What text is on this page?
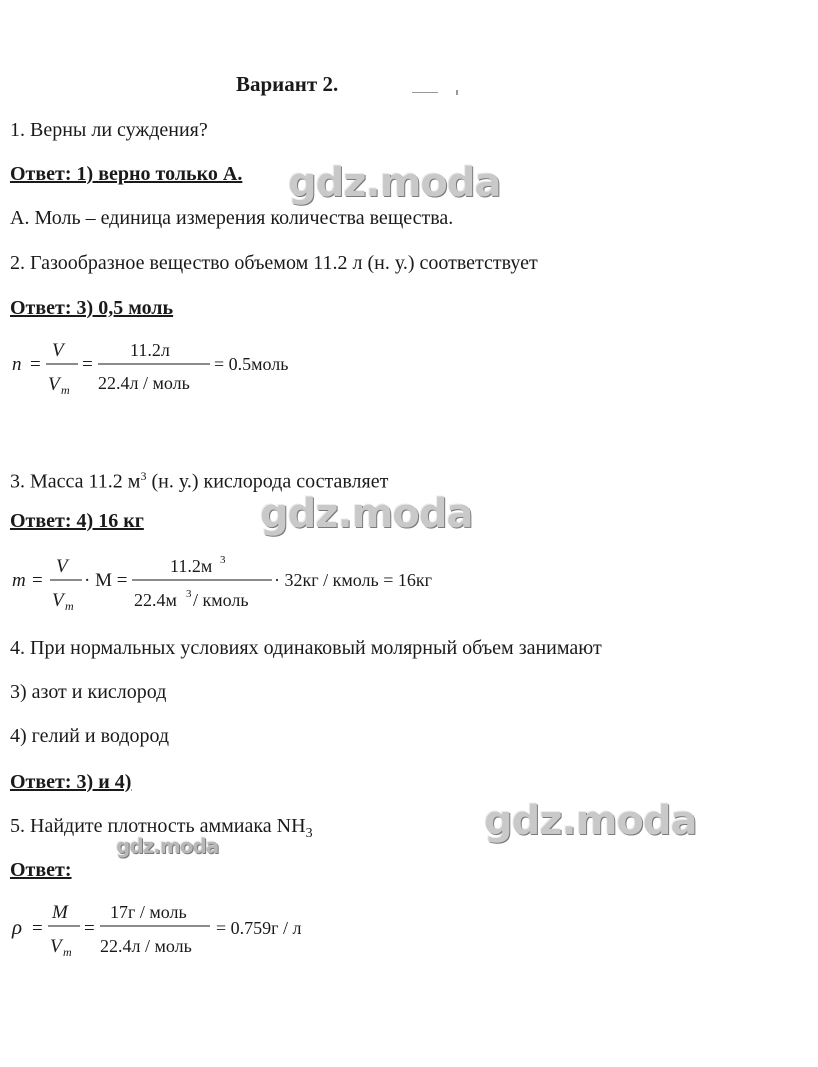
Вариант 2.
1. Верны ли суждения?
Ответ: 1) верно только А. gdz.moda
А. Моль – единица измерения количества вещества.
2. Газообразное вещество объемом 11.2 л (н. у.) соответствует
Ответ: 3) 0,5 моль
n =
V
V m
=
11.2л
22.4л / моль
= 0.5моль
3. Масса 11.2 $м^3$ (н. у.) кислорода составляет
Ответ: 4) 16 кг	gdz.moda
m =
V
V m
· M =
11.2м 3
22.4м 3 / кмоль
· 32кг / кмоль = 16кг
4. При нормальных условиях одинаковый молярный объем занимают
3) азот и кислород
4) гелий и водород
Ответ: 3) и 4)
5. Найдите плотность аммиака $NH_3$	gdz.moda
gdz.moda
Ответ:
ρ =
M
V m
=
17г / моль
22.4л / моль
= 0.759г / л
